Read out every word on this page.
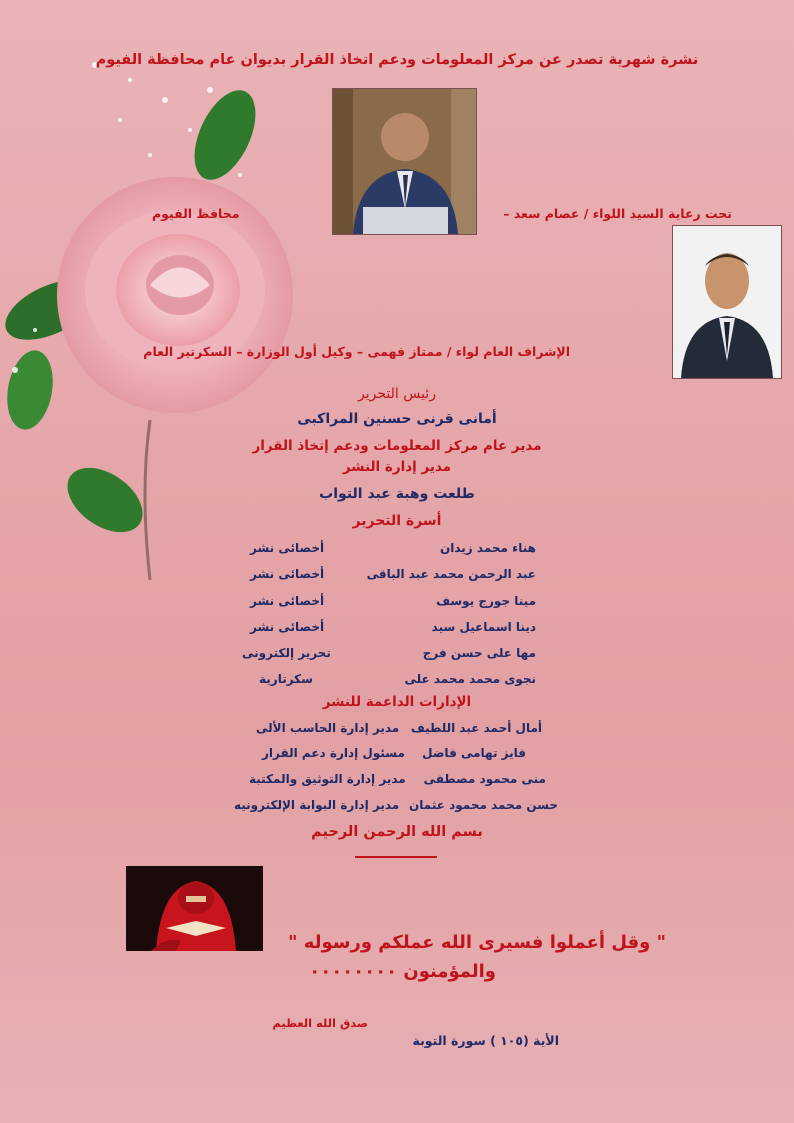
نشرة شهرية تصدر عن مركز المعلومات ودعم اتخاذ القرار بديوان عام محافظة الفيوم
تحت رعاية السيد اللواء / عصام سعد –
محافظ الفيوم
الإشراف العام لواء / ممتاز فهمى – وكيل أول الوزارة – السكرتير العام
رئيس التحرير
أمانى قرنى حسنين المراكبى
مدير عام مركز المعلومات ودعم إتخاذ القرار
مدير إدارة النشر
طلعت وهبة عبد التواب
أسرة التحرير
هناء محمد زيدان
أخصائى نشر
عبد الرحمن محمد عبد الباقى
أخصائى نشر
مينا جورج يوسف
أخصائى نشر
دينا اسماعيل سيد
أخصائى نشر
مها على حسن فرج
تحرير إلكترونى
نجوى محمد محمد على
سكرتارية
الإدارات الداعمة للنشر
أمال أحمد عبد اللطيف
مدير إدارة الحاسب الألى
فايز تهامى فاضل
مسئول إدارة دعم القرار
منى محمود مصطفى
مدير إدارة التوثيق والمكتبة
حسن محمد محمود عثمان
مدير إدارة البوابة الإلكترونيه
بسم الله الرحمن الرحيم
" وقل أعملوا فسيرى الله عملكم ورسوله "
والمؤمنون ۰۰۰۰۰۰۰۰
صدق الله العظيم
الأية (١٠٥ ) سورة التوبة
